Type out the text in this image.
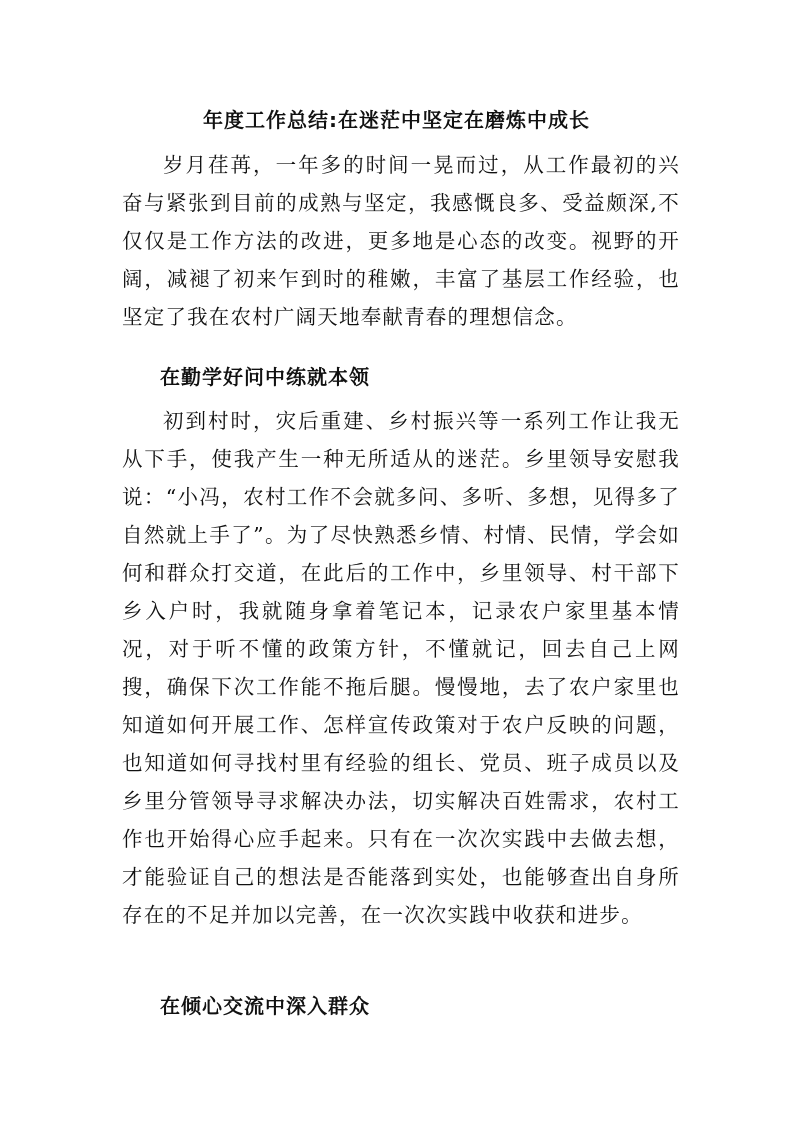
年度工作总结:在迷茫中坚定在磨炼中成长
岁月荏苒，一年多的时间一晃而过，从工作最初的兴奋与紧张到目前的成熟与坚定，我感慨良多、受益颇深,不仅仅是工作方法的改进，更多地是心态的改变。视野的开阔，减褪了初来乍到时的稚嫩，丰富了基层工作经验，也坚定了我在农村广阔天地奉献青春的理想信念。
在勤学好问中练就本领
初到村时，灾后重建、乡村振兴等一系列工作让我无从下手，使我产生一种无所适从的迷茫。乡里领导安慰我说：“小冯，农村工作不会就多问、多听、多想，见得多了自然就上手了”。为了尽快熟悉乡情、村情、民情，学会如何和群众打交道，在此后的工作中，乡里领导、村干部下乡入户时，我就随身拿着笔记本，记录农户家里基本情况，对于听不懂的政策方针，不懂就记，回去自己上网搜，确保下次工作能不拖后腿。慢慢地，去了农户家里也知道如何开展工作、怎样宣传政策对于农户反映的问题，也知道如何寻找村里有经验的组长、党员、班子成员以及乡里分管领导寻求解决办法，切实解决百姓需求，农村工作也开始得心应手起来。只有在一次次实践中去做去想，才能验证自己的想法是否能落到实处，也能够查出自身所存在的不足并加以完善，在一次次实践中收获和进步。
在倾心交流中深入群众
